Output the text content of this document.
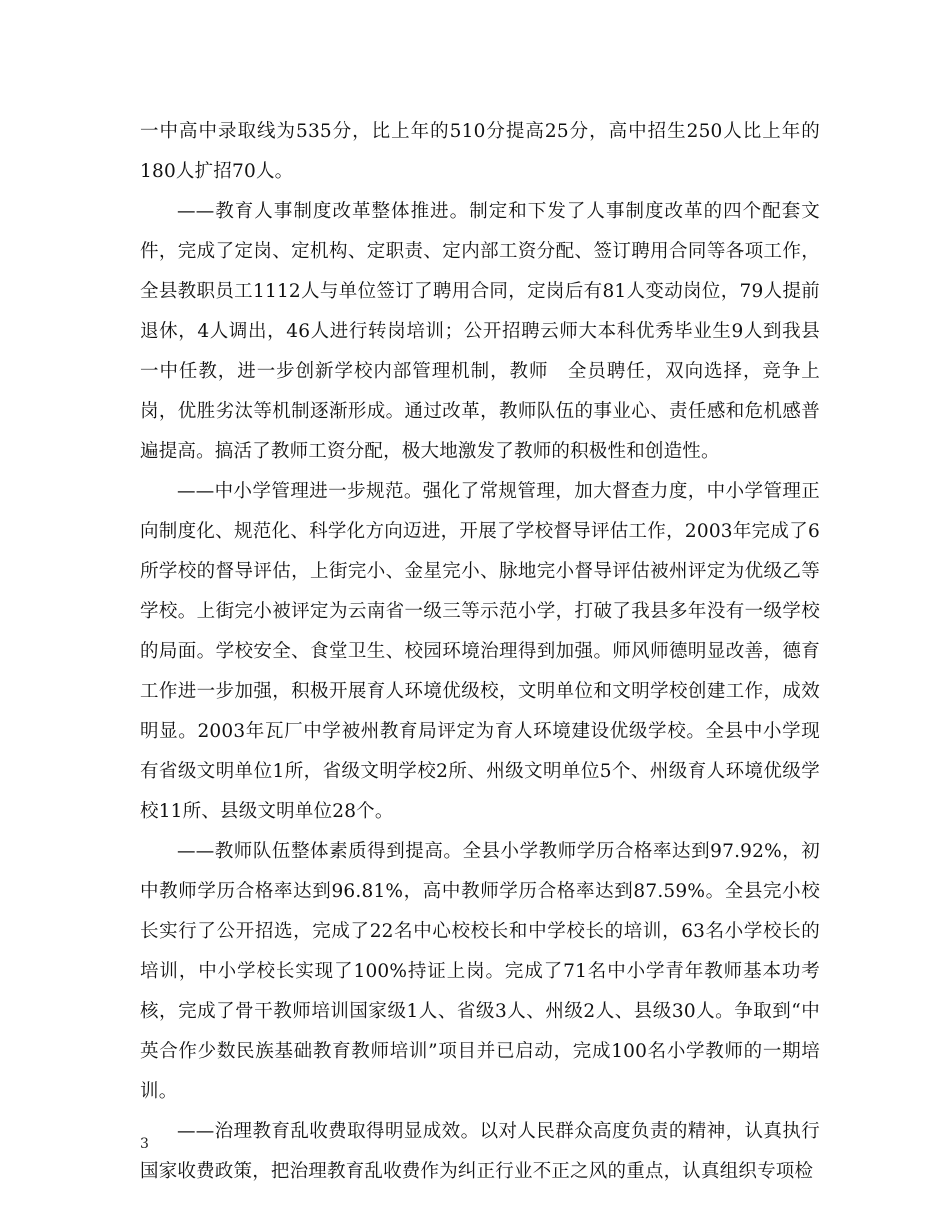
一中高中录取线为535分，比上年的510分提高25分，高中招生250人比上年的180人扩招70人。

——教育人事制度改革整体推进。制定和下发了人事制度改革的四个配套文件，完成了定岗、定机构、定职责、定内部工资分配、签订聘用合同等各项工作，全县教职员工1112人与单位签订了聘用合同，定岗后有81人变动岗位，79人提前退休，4人调出，46人进行转岗培训；公开招聘云师大本科优秀毕业生9人到我县一中任教，进一步创新学校内部管理机制，教师　全员聘任，双向选择，竞争上岗，优胜劣汰等机制逐渐形成。通过改革，教师队伍的事业心、责任感和危机感普遍提高。搞活了教师工资分配，极大地激发了教师的积极性和创造性。

——中小学管理进一步规范。强化了常规管理，加大督查力度，中小学管理正向制度化、规范化、科学化方向迈进，开展了学校督导评估工作，2003年完成了6所学校的督导评估，上街完小、金星完小、脉地完小督导评估被州评定为优级乙等学校。上街完小被评定为云南省一级三等示范小学，打破了我县多年没有一级学校的局面。学校安全、食堂卫生、校园环境治理得到加强。师风师德明显改善，德育工作进一步加强，积极开展育人环境优级校，文明单位和文明学校创建工作，成效明显。2003年瓦厂中学被州教育局评定为育人环境建设优级学校。全县中小学现有省级文明单位1所，省级文明学校2所、州级文明单位5个、州级育人环境优级学校11所、县级文明单位28个。

——教师队伍整体素质得到提高。全县小学教师学历合格率达到97.92%，初中教师学历合格率达到96.81%，高中教师学历合格率达到87.59%。全县完小校长实行了公开招选，完成了22名中心校校长和中学校长的培训，63名小学校长的培训，中小学校长实现了100%持证上岗。完成了71名中小学青年教师基本功考核，完成了骨干教师培训国家级1人、省级3人、州级2人、县级30人。争取到“中英合作少数民族基础教育教师培训”项目并已启动，完成100名小学教师的一期培训。

——治理教育乱收费取得明显成效。以对人民群众高度负责的精神，认真执行国家收费政策，把治理教育乱收费作为纠正行业不正之风的重点，认真组织专项检

3
